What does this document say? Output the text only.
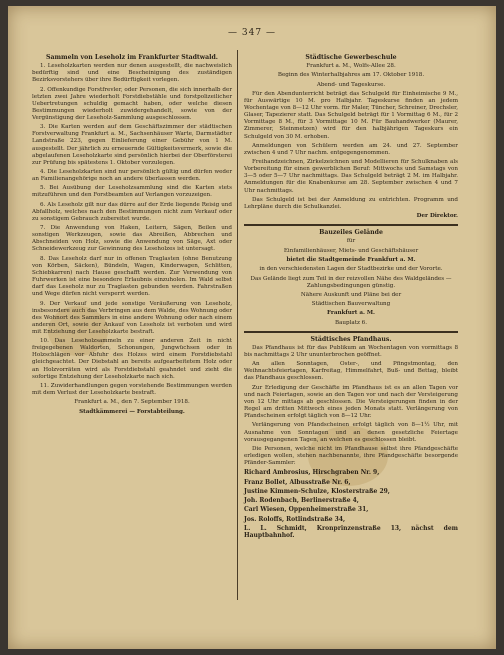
— 347 —

Sammeln von Leseholz im Frankfurter Stadtwald.

1. Leseholzkarten werden nur denen ausgestellt, die nachweislich bedürftig sind und eine Bescheinigung des zuständigen Bezirksvorstehers über ihre Bedürftigkeit vorlegen.

2. Offenkundige Forstfrevler, oder Personen, die sich innerhalb der letzten zwei Jahre wiederholt Forstdiebstähle und forstpolizeilicher Uebertretungen schuldig gemacht haben, oder welche diesen Bestimmungen wiederholt zuwidergehandelt, sowie von der Vergünstigung der Leseholz-Sammlung ausgeschlossen.

3. Die Karten werden auf dem Geschäftszimmer der städtischen Forstverwaltung Frankfurt a. M., Sachsenhäuser Warte, Darmstädter Landstraße 223, gegen Einlieferung einer Gebühr von 1 M. ausgestellt. Der jährlich zu erneuernde Gültigkeitsvermerk, sowie die abgelaufenen Leseholzkarte sind persönlich hierbei der Oberförsterei zur Prüfung bis spätestens 1. Oktober vorzulegen.

4. Die Leseholzkarten sind nur persönlich gültig und dürfen weder an Familienangehörige noch an andere überlassen werden.

5. Bei Ausübung der Leseholzsammlung sind die Karten stets mitzuführen und den Forstbeamten auf Verlangen vorzuzeigen.

6. Als Leseholz gilt nur das dürre auf der Erde liegende Reisig und Abfallholz, welches nach den Bestimmungen nicht zum Verkauf oder zu sonstigem Gebrauch zubereitet wurde.

7. Die Anwendung von Haken, Leitern, Sägen, Beilen und sonstigen Werkzeugen, sowie das Abreißen, Abbrechen und Abschneiden von Holz, sowie die Anwendung von Säge, Axt oder Schneidewerkzeug zur Gewinnung des Leseholzes ist untersagt.

8. Das Leseholz darf nur in offenen Traglasten (ohne Benutzung von Körben, Säcken), Bündeln, Wagen, Kinderwagen, Schlitten, Schiebkarren) nach Hause geschafft werden. Zur Verwendung von Fuhrwerken ist eine besondere Erlaubnis einzuholen. Im Wald selbst darf das Leseholz nur zu Traglasten gebunden werden. Fahrstraßen und Wege dürfen nicht versperrt werden.

9. Der Verkauf und jede sonstige Veräußerung von Leseholz, insbesondere auch das Verbringen aus dem Walde, des Wohnung oder des Wohnort des Sammlers in eine andere Wohnung oder nach einem anderen Ort, sowie der Ankauf von Leseholz ist verboten und wird mit Entziehung der Leseholzkarte bestraft.

10. Das Leseholzsammeln zu einer anderen Zeit in nicht freigegebenen Waldorten, Schonungen, Jungwüchsen oder in Holzschlägen vor Abfuhr des Holzes wird einem Forstdiebstahl gleichgeachtet. Der Diebstahl an bereits aufgearbeitetem Holz oder an Holzvorräten wird als Forstdiebstahl geahndet und zieht die sofortige Entziehung der Leseholzkarte nach sich.

11. Zuwiderhandlungen gegen vorstehende Bestimmungen werden mit dem Verlust der Leseholzkarte bestraft.

Frankfurt a. M., den 7. September 1918.

Stadtkämmerei — Forstabteilung.

Städtische Gewerbeschule

Frankfurt a. M., Wolfs-Allee 28.

Beginn des Winterhalbjahres am 17. Oktober 1918.

Abend- und Tageskurse.

Für den Abendunterricht beträgt das Schulgeld für Einheimische 9 M., für Auswärtige 10 M. pro Halbjahr. Tageskurse finden an jedem Wochentage von 8—12 Uhr vorm. für Maler, Tüncher, Schreiner, Drechsler, Glaser, Tapezierer statt. Das Schulgeld beträgt für 1 Vormittag 6 M., für 2 Vormittage 8 M., für 3 Vormittage 10 M. Für Bauhandwerker (Maurer, Zimmerer, Steinmetzen) wird für den halbjährigen Tageskurs ein Schulgeld von 30 M. erhoben.

Anmeldungen von Schülern werden am 24. und 27. September zwischen 4 und 7 Uhr nachm. entgegengenommen.

Freihandzeichnen, Zirkelzeichnen und Modellieren für Schulknaben als Vorbereitung für einen gewerblichen Beruf: Mittwochs und Samstags von 3—5 oder 5—7 Uhr nachmittags. Das Schulgeld beträgt 2 M. im Halbjahr. Anmeldungen für die Knabenkurse am 28. September zwischen 4 und 7 Uhr nachmittags.

Das Schulgeld ist bei der Anmeldung zu entrichten. Programm und Lehrpläne durch die Schulkanzlei.

Der Direktor.

Bauzeiles Gelände

für

Einfamilienhäuser, Miets- und Geschäftshäuser

bietet die Stadtgemeinde Frankfurt a. M.

in den verschiedensten Lagen der Stadtbezirke und der Vororte.

Das Gelände liegt zum Teil in der reizvollen Nähe des Waldgeländes — Zahlungsbedingungen günstig.

Nähere Auskunft und Pläne bei der

Städtischen Bauverwaltung

Frankfurt a. M.

Bauplatz 6.

Städtisches Pfandhaus.

Das Pfandhaus ist für das Publikum an Wochentagen von vormittags 8 bis nachmittags 2 Uhr ununterbrochen geöffnet.

An allen Sonntagen, Oster-, und Pfingstmontag, den Weihnachtsfeiertagen, Karfreitag, Himmelfahrt, Buß- und Bettag, bleibt das Pfandhaus geschlossen.

Zur Erledigung der Geschäfte im Pfandhaus ist es an allen Tagen vor und nach Feiertagen, sowie an den Tagen vor und nach der Versteigerung von 12 Uhr mittags ab geschlossen. Die Versteigerungen finden in der Regel am dritten Mittwoch eines jeden Monats statt. Verlängerung von Pfandscheinen erfolgt täglich von 8—12 Uhr.

Verlängerung von Pfandscheinen erfolgt täglich von 8—1½ Uhr, mit Ausnahme von Sonntagen und an denen gesetzliche Feiertage vorausgegangenen Tagen, an welchen es geschlossen bleibt.

Die Personen, welche nicht im Pfandhause selbst ihre Pfandgeschäfte erledigen wollen, stehen nachbenannte, ihre Pfandgeschäfte besorgende Pfänder-Sammler:

Richard Ambrosius, Hirschgraben Nr. 9,

Franz Bollet, Albusstraße Nr. 6,

Justine Kimmen-Schulze, Klosterstraße 29,

Joh. Rodenbach, Berlinerstraße 4,

Carl Wiesen, Oppenheimerstraße 31,

Jos. Roloffs, Rotlindstraße 34,

L. L. Schmidt, Kronprinzenstraße 13, nächst dem Hauptbahnhof.
